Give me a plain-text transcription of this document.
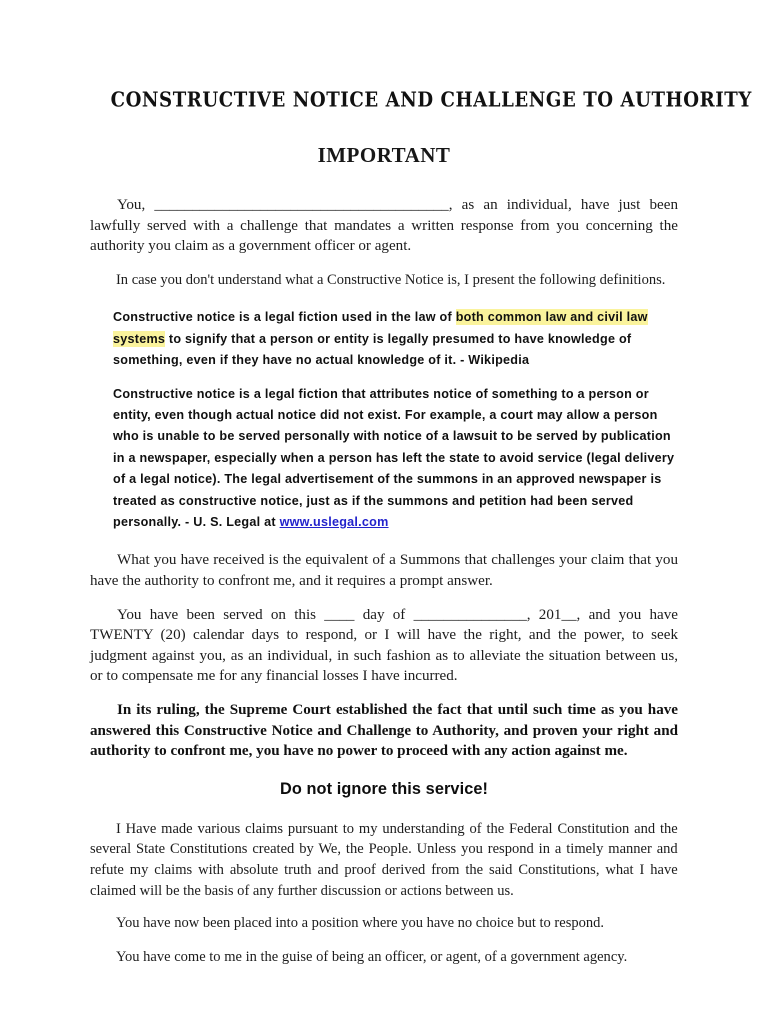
CONSTRUCTIVE NOTICE AND CHALLENGE TO AUTHORITY

IMPORTANT

You, _______________________________________, as an individual, have just been lawfully served with a challenge that mandates a written response from you concerning the authority you claim as a government officer or agent.

In case you don't understand what a Constructive Notice is, I present the following definitions.

Constructive notice is a legal fiction used in the law of both common law and civil law systems to signify that a person or entity is legally presumed to have knowledge of something, even if they have no actual knowledge of it. - Wikipedia

Constructive notice is a legal fiction that attributes notice of something to a person or entity, even though actual notice did not exist. For example, a court may allow a person who is unable to be served personally with notice of a lawsuit to be served by publication in a newspaper, especially when a person has left the state to avoid service (legal delivery of a legal notice). The legal advertisement of the summons in an approved newspaper is treated as constructive notice, just as if the summons and petition had been served personally. - U. S. Legal at www.uslegal.com

What you have received is the equivalent of a Summons that challenges your claim that you have the authority to confront me, and it requires a prompt answer.

You have been served on this ____ day of _______________, 201__, and you have TWENTY (20) calendar days to respond, or I will have the right, and the power, to seek judgment against you, as an individual, in such fashion as to alleviate the situation between us, or to compensate me for any financial losses I have incurred.

In its ruling, the Supreme Court established the fact that until such time as you have answered this Constructive Notice and Challenge to Authority, and proven your right and authority to confront me, you have no power to proceed with any action against me.

Do not ignore this service!

I Have made various claims pursuant to my understanding of the Federal Constitution and the several State Constitutions created by We, the People. Unless you respond in a timely manner and refute my claims with absolute truth and proof derived from the said Constitutions, what I have claimed will be the basis of any further discussion or actions between us.

You have now been placed into a position where you have no choice but to respond.

You have come to me in the guise of being an officer, or agent, of a government agency.
